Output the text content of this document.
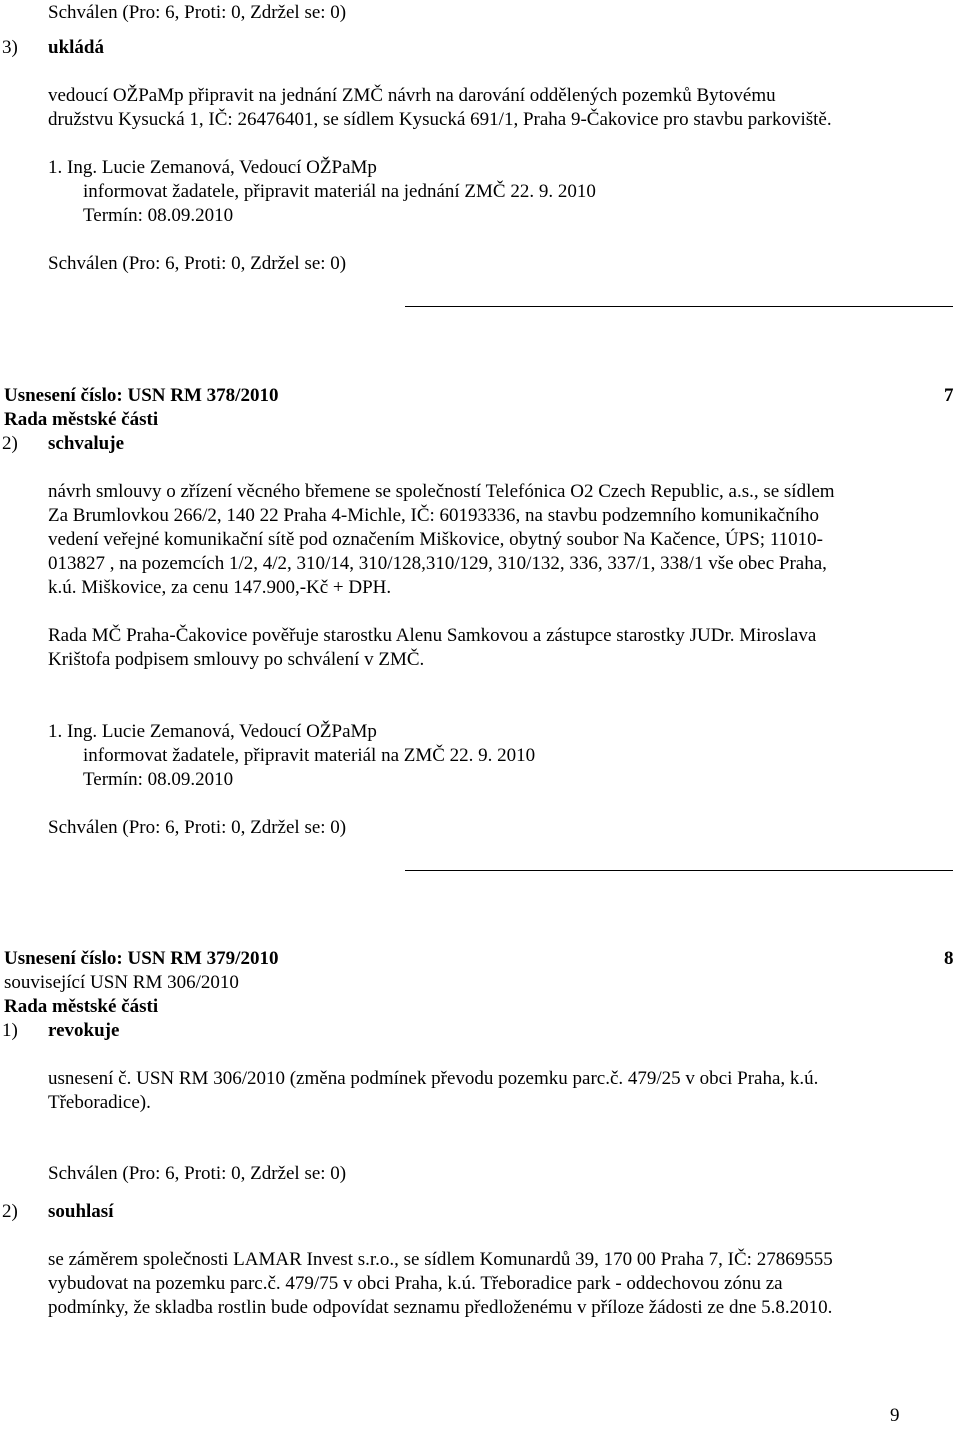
Schválen (Pro: 6, Proti: 0, Zdržel se: 0)
3) ukládá
vedoucí OŽPaMp připravit na jednání ZMČ návrh na darování oddělených pozemků Bytovému
družstvu Kysucká 1, IČ: 26476401, se sídlem Kysucká 691/1, Praha 9-Čakovice pro stavbu parkoviště.
1. Ing. Lucie Zemanová, Vedoucí OŽPaMp
informovat žadatele, připravit materiál na jednání ZMČ 22. 9. 2010
Termín: 08.09.2010
Schválen (Pro: 6, Proti: 0, Zdržel se: 0)
Usnesení číslo: USN RM 378/2010	7
Rada městské části
2) schvaluje
návrh smlouvy o zřízení věcného břemene se společností Telefónica O2 Czech Republic, a.s., se sídlem
Za Brumlovkou 266/2, 140 22 Praha 4-Michle, IČ: 60193336, na stavbu podzemního komunikačního
vedení veřejné komunikační sítě pod označením Miškovice, obytný soubor Na Kačence, ÚPS; 11010-
013827 , na pozemcích 1/2, 4/2, 310/14, 310/128,310/129, 310/132, 336, 337/1, 338/1 vše obec Praha,
k.ú. Miškovice, za cenu 147.900,-Kč + DPH.
Rada MČ Praha-Čakovice pověřuje starostku Alenu Samkovou a zástupce starostky JUDr. Miroslava
Krištofa podpisem smlouvy po schválení v ZMČ.
1. Ing. Lucie Zemanová, Vedoucí OŽPaMp
informovat žadatele, připravit materiál na ZMČ 22. 9. 2010
Termín: 08.09.2010
Schválen (Pro: 6, Proti: 0, Zdržel se: 0)
Usnesení číslo: USN RM 379/2010	8
související USN RM 306/2010
Rada městské části
1) revokuje
usnesení č. USN RM 306/2010 (změna podmínek převodu pozemku parc.č. 479/25 v obci Praha, k.ú.
Třeboradice).
Schválen (Pro: 6, Proti: 0, Zdržel se: 0)
2) souhlasí
se záměrem společnosti LAMAR Invest s.r.o., se sídlem Komunardů 39, 170 00 Praha 7, IČ: 27869555
vybudovat na pozemku parc.č. 479/75 v obci Praha, k.ú. Třeboradice park - oddechovou zónu za
podmínky, že skladba rostlin bude odpovídat seznamu předloženému v příloze žádosti ze dne 5.8.2010.
9
